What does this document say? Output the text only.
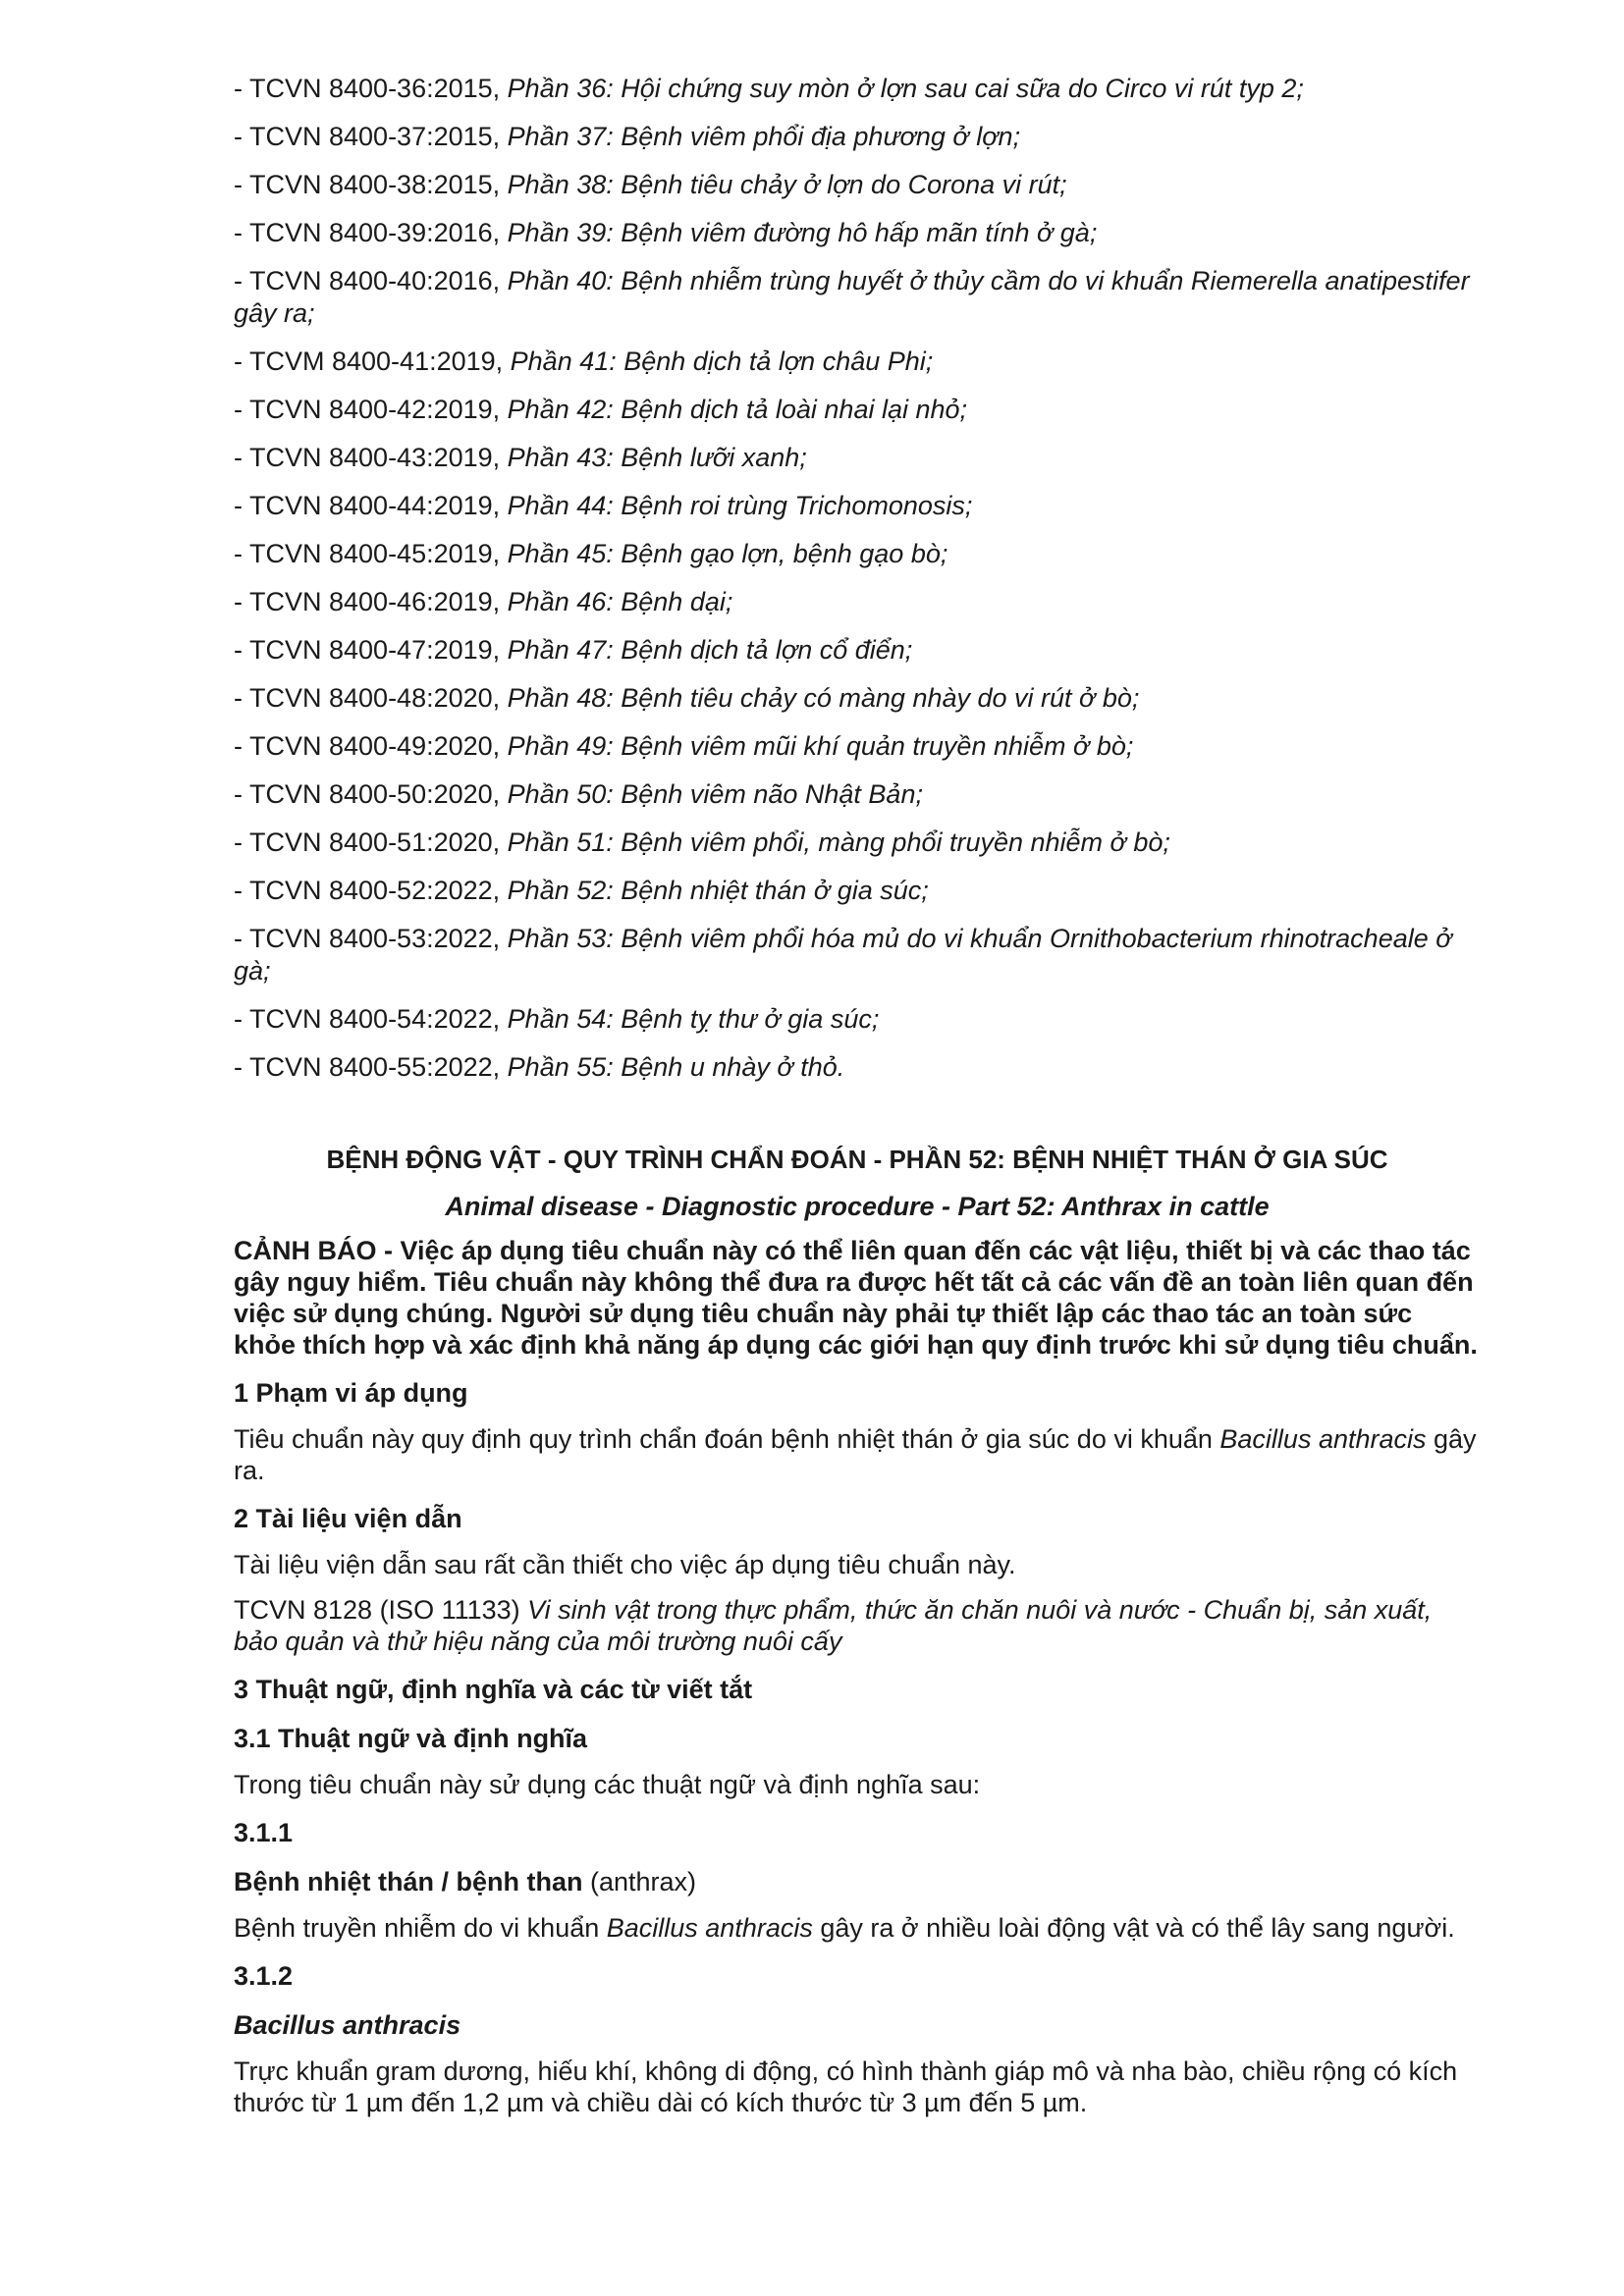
- TCVN 8400-36:2015, Phần 36: Hội chứng suy mòn ở lợn sau cai sữa do Circo vi rút typ 2;
- TCVN 8400-37:2015, Phần 37: Bệnh viêm phổi địa phương ở lợn;
- TCVN 8400-38:2015, Phần 38: Bệnh tiêu chảy ở lợn do Corona vi rút;
- TCVN 8400-39:2016, Phần 39: Bệnh viêm đường hô hấp mãn tính ở gà;
- TCVN 8400-40:2016, Phần 40: Bệnh nhiễm trùng huyết ở thủy cầm do vi khuẩn Riemerella anatipestifer gây ra;
- TCVM 8400-41:2019, Phần 41: Bệnh dịch tả lợn châu Phi;
- TCVN 8400-42:2019, Phần 42: Bệnh dịch tả loài nhai lại nhỏ;
- TCVN 8400-43:2019, Phần 43: Bệnh lưỡi xanh;
- TCVN 8400-44:2019, Phần 44: Bệnh roi trùng Trichomonosis;
- TCVN 8400-45:2019, Phần 45: Bệnh gạo lợn, bệnh gạo bò;
- TCVN 8400-46:2019, Phần 46: Bệnh dại;
- TCVN 8400-47:2019, Phần 47: Bệnh dịch tả lợn cổ điển;
- TCVN 8400-48:2020, Phần 48: Bệnh tiêu chảy có màng nhày do vi rút ở bò;
- TCVN 8400-49:2020, Phần 49: Bệnh viêm mũi khí quản truyền nhiễm ở bò;
- TCVN 8400-50:2020, Phần 50: Bệnh viêm não Nhật Bản;
- TCVN 8400-51:2020, Phần 51: Bệnh viêm phổi, màng phổi truyền nhiễm ở bò;
- TCVN 8400-52:2022, Phần 52: Bệnh nhiệt thán ở gia súc;
- TCVN 8400-53:2022, Phần 53: Bệnh viêm phổi hóa mủ do vi khuẩn Ornithobacterium rhinotracheale ở gà;
- TCVN 8400-54:2022, Phần 54: Bệnh tỵ thư ở gia súc;
- TCVN 8400-55:2022, Phần 55: Bệnh u nhày ở thỏ.
BỆNH ĐỘNG VẬT - QUY TRÌNH CHẨN ĐOÁN - PHẦN 52: BỆNH NHIỆT THÁN Ở GIA SÚC
Animal disease - Diagnostic procedure - Part 52: Anthrax in cattle
CẢNH BÁO - Việc áp dụng tiêu chuẩn này có thể liên quan đến các vật liệu, thiết bị và các thao tác gây nguy hiểm. Tiêu chuẩn này không thể đưa ra được hết tất cả các vấn đề an toàn liên quan đến việc sử dụng chúng. Người sử dụng tiêu chuẩn này phải tự thiết lập các thao tác an toàn sức khỏe thích hợp và xác định khả năng áp dụng các giới hạn quy định trước khi sử dụng tiêu chuẩn.
1 Phạm vi áp dụng
Tiêu chuẩn này quy định quy trình chẩn đoán bệnh nhiệt thán ở gia súc do vi khuẩn Bacillus anthracis gây ra.
2 Tài liệu viện dẫn
Tài liệu viện dẫn sau rất cần thiết cho việc áp dụng tiêu chuẩn này.
TCVN 8128 (ISO 11133) Vi sinh vật trong thực phẩm, thức ăn chăn nuôi và nước - Chuẩn bị, sản xuất, bảo quản và thử hiệu năng của môi trường nuôi cấy
3 Thuật ngữ, định nghĩa và các từ viết tắt
3.1 Thuật ngữ và định nghĩa
Trong tiêu chuẩn này sử dụng các thuật ngữ và định nghĩa sau:
3.1.1
Bệnh nhiệt thán / bệnh than (anthrax)
Bệnh truyền nhiễm do vi khuẩn Bacillus anthracis gây ra ở nhiều loài động vật và có thể lây sang người.
3.1.2
Bacillus anthracis
Trực khuẩn gram dương, hiếu khí, không di động, có hình thành giáp mô và nha bào, chiều rộng có kích thước từ 1 µm đến 1,2 µm và chiều dài có kích thước từ 3 µm đến 5 µm.
